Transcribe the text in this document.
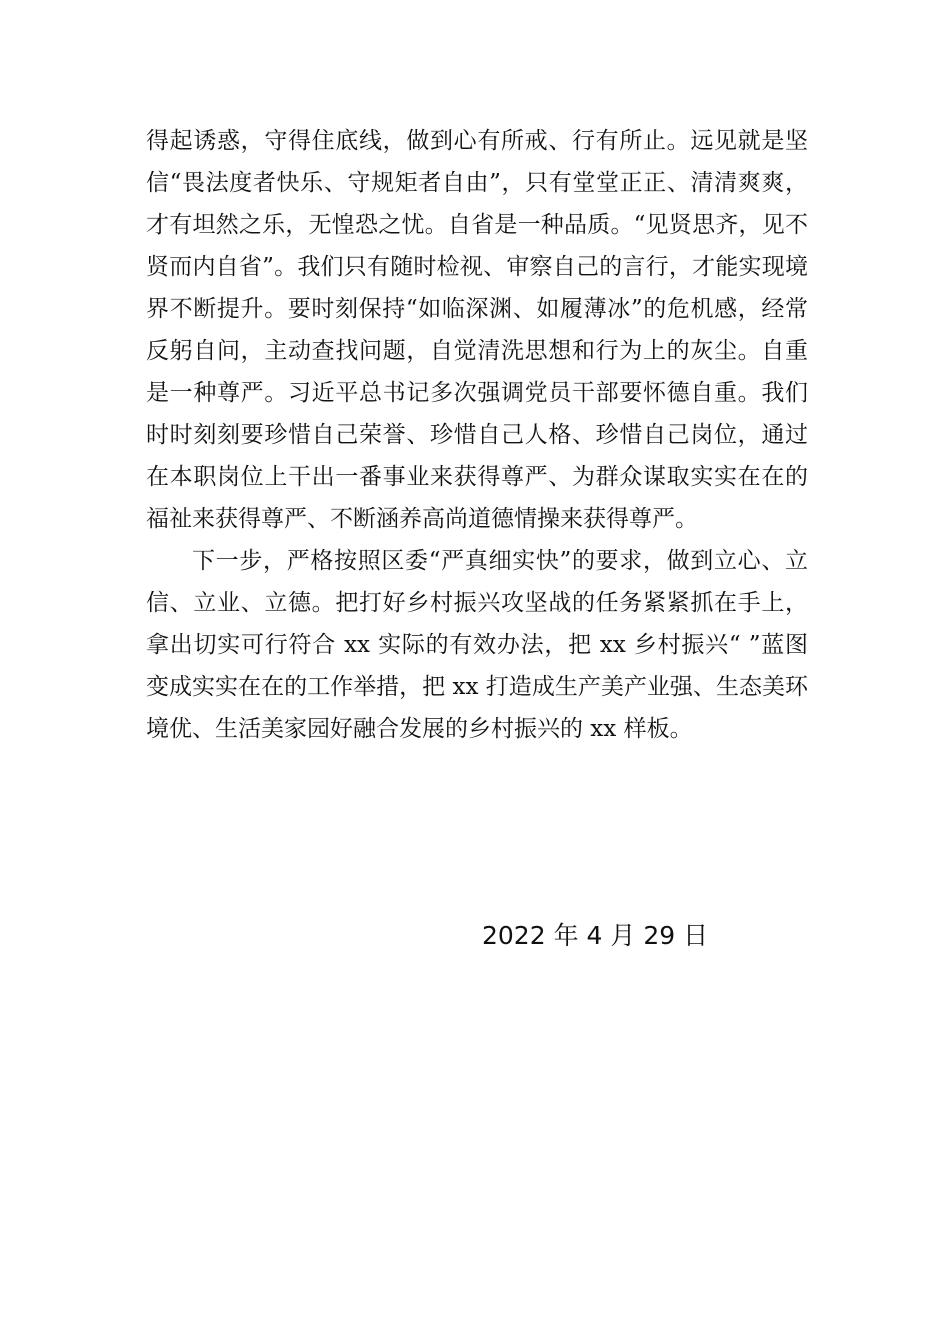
得起诱惑，守得住底线，做到心有所戒、行有所止。远见就是坚信“畏法度者快乐、守规矩者自由”，只有堂堂正正、清清爽爽，才有坦然之乐，无惶恐之忧。自省是一种品质。“见贤思齐，见不贤而内自省”。我们只有随时检视、审察自己的言行，才能实现境界不断提升。要时刻保持“如临深渊、如履薄冰”的危机感，经常反躬自问，主动查找问题，自觉清洗思想和行为上的灰尘。自重是一种尊严。习近平总书记多次强调党员干部要怀德自重。我们时时刻刻要珍惜自己荣誉、珍惜自己人格、珍惜自己岗位，通过在本职岗位上干出一番事业来获得尊严、为群众谋取实实在在的福祉来获得尊严、不断涵养高尚道德情操来获得尊严。

下一步，严格按照区委“严真细实快”的要求，做到立心、立信、立业、立德。把打好乡村振兴攻坚战的任务紧紧抓在手上，拿出切实可行符合 xx 实际的有效办法，把 xx 乡村振兴“ ”蓝图变成实实在在的工作举措，把 xx 打造成生产美产业强、生态美环境优、生活美家园好融合发展的乡村振兴的 xx 样板。

2022 年 4 月 29 日
